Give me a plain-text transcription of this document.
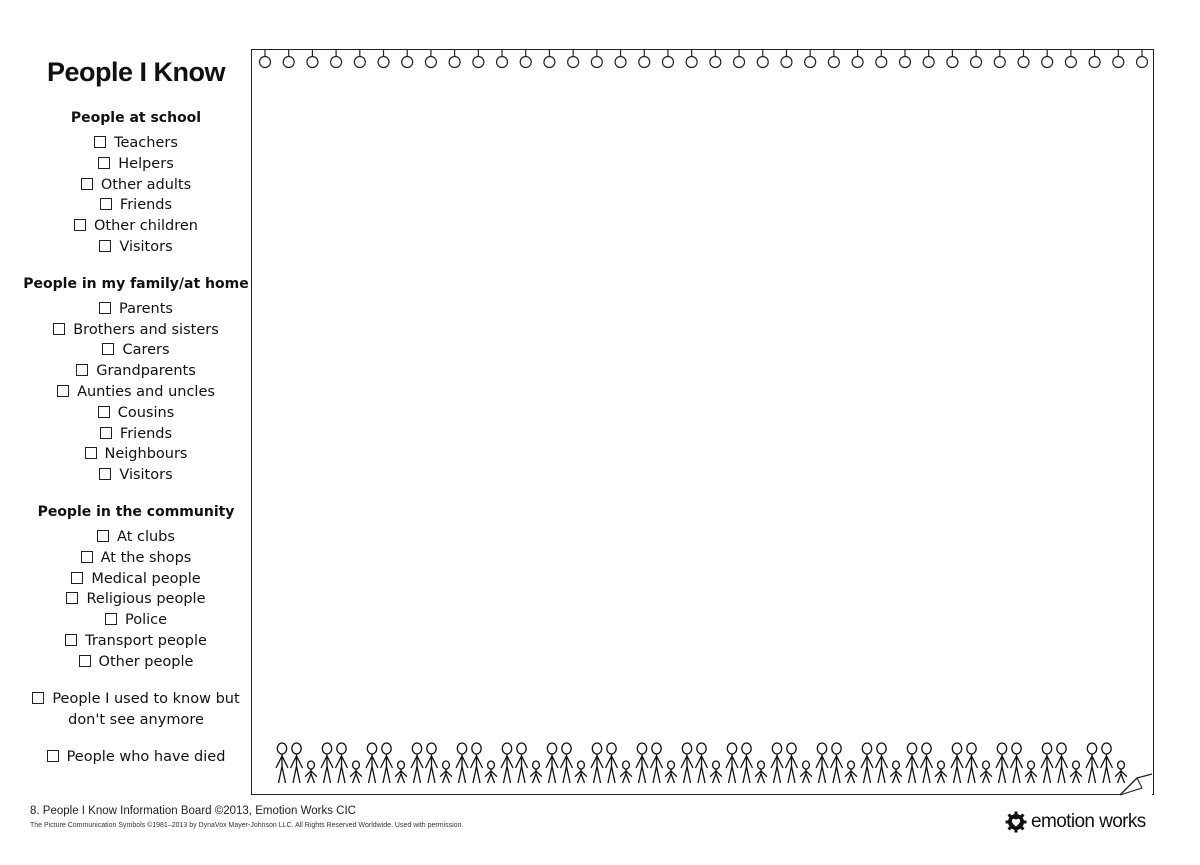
People I Know
People at school
Teachers
Helpers
Other adults
Friends
Other children
Visitors
People in my family/at home
Parents
Brothers and sisters
Carers
Grandparents
Aunties and uncles
Cousins
Friends
Neighbours
Visitors
People in the community
At clubs
At the shops
Medical people
Religious people
Police
Transport people
Other people
People I used to know but
don't see anymore
People who have died
8. People I Know Information Board ©2013, Emotion Works CIC
The Picture Communication Symbols ©1981–2013 by DynaVox Mayer-Johnson LLC. All Rights Reserved Worldwide. Used with permission.	emotion works
